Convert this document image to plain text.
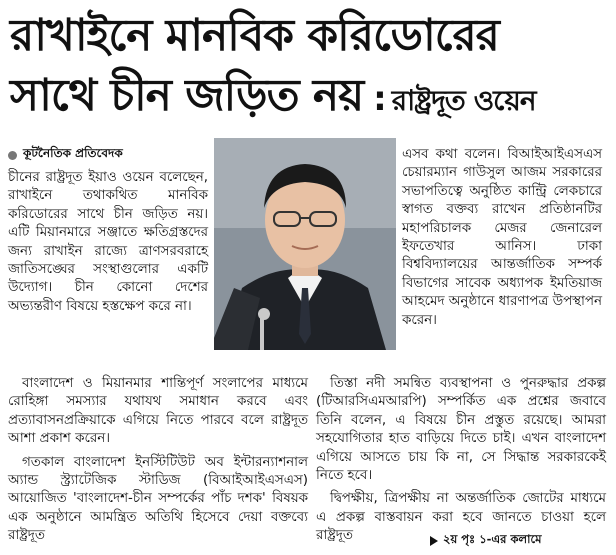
রাখাইনে মানবিক করিডোরের
সাথে চীন জড়িত নয় : রাষ্ট্রদূত ওয়েন
কূটনৈতিক প্রতিবেদক

চীনের রাষ্ট্রদূত ইয়াও ওয়েন বলেছেন, রাখাইনে তথাকথিত মানবিক করিডোরের সাথে চীন জড়িত নয়। এটি মিয়ানমারে সঞ্জাতে ক্ষতিগ্রস্তদের জন্য রাখাইন রাজ্যে ত্রাণসরবরাহে জাতিসঙ্ঘের সংস্থাগুলোর একটি উদ্যোগ। চীন কোনো দেশের অভ্যন্তরীণ বিষয়ে হস্তক্ষেপ করে না।

এসব কথা বলেন। বিআইআইএসএস চেয়ারম্যান গাউসুল আজম সরকারের সভাপতিত্বে অনুষ্ঠিত কান্ট্রি লেকচারে স্বাগত বক্তব্য রাখেন প্রতিষ্ঠানটির মহাপরিচালক মেজর জেনারেল ইফতেখার আনিস। ঢাকা বিশ্ববিদ্যালয়ের আন্তর্জাতিক সম্পর্ক বিভাগের সাবেক অধ্যাপক ইমতিয়াজ আহমেদ অনুষ্ঠানে ধারণাপত্র উপস্থাপন করেন।

বাংলাদেশ ও মিয়ানমার শান্তিপূর্ণ সংলাপের মাধ্যমে রোহিঙ্গা সমস্যার যথাযথ সমাধান করবে এবং প্রত্যাবাসনপ্রক্রিয়াকে এগিয়ে নিতে পারবে বলে রাষ্ট্রদূত আশা প্রকাশ করেন।

গতকাল বাংলাদেশ ইনস্টিটিউট অব ইন্টারন্যাশনাল অ্যান্ড স্ট্র্যাটেজিক স্টাডিজ (বিআইআইএসএস) আয়োজিত 'বাংলাদেশ-চীন সম্পর্কের পাঁচ দশক' বিষয়ক এক অনুষ্ঠানে আমন্ত্রিত অতিথি হিসেবে দেয়া বক্তব্যে রাষ্ট্রদূত

তিস্তা নদী সমন্বিত ব্যবস্থাপনা ও পুনরুদ্ধার প্রকল্প (টিআরসিএমআরপি) সম্পর্কিত এক প্রশ্নের জবাবে তিনি বলেন, এ বিষয়ে চীন প্রস্তুত রয়েছে। আমরা সহযোগিতার হাত বাড়িয়ে দিতে চাই। এখন বাংলাদেশ এগিয়ে আসতে চায় কি না, সে সিদ্ধান্ত সরকারকেই নিতে হবে।

দ্বিপক্ষীয়, ত্রিপক্ষীয় না অন্তর্জাতিক জোটের মাধ্যমে এ প্রকল্প বাস্তবায়ন করা হবে জানতে চাওয়া হলে রাষ্ট্রদূত	২য় পৃঃ ১-এর কলামে
